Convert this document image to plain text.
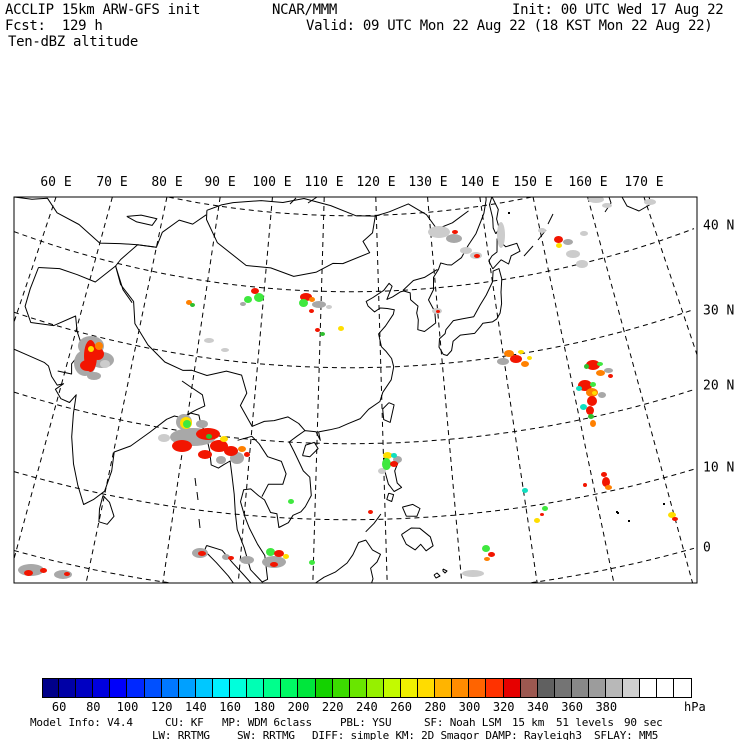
ACCLIP 15km ARW-GFS init	NCAR/MMM	Init: 00 UTC Wed 17 Aug 22
Fcst:  129 h	Valid: 09 UTC Mon 22 Aug 22 (18 KST Mon 22 Aug 22)
Ten-dBZ altitude
60 E 70 E 80 E 90 E 100 E 110 E 120 E 130 E 140 E 150 E 160 E 170 E
40 N
30 N
20 N
10 N
0
60 80 100 120 140 160 180 200 220 240 260 280 300 320 340 360 380	hPa
Model Info: V4.4	CU: KF MP: WDM 6class	PBL: YSU	SF: Noah LSM 15 km 51 levels 90 sec
LW: RRTMG SW: RRTMG DIFF: simple KM: 2D Smagor DAMP: Rayleigh3 SFLAY: MM5
